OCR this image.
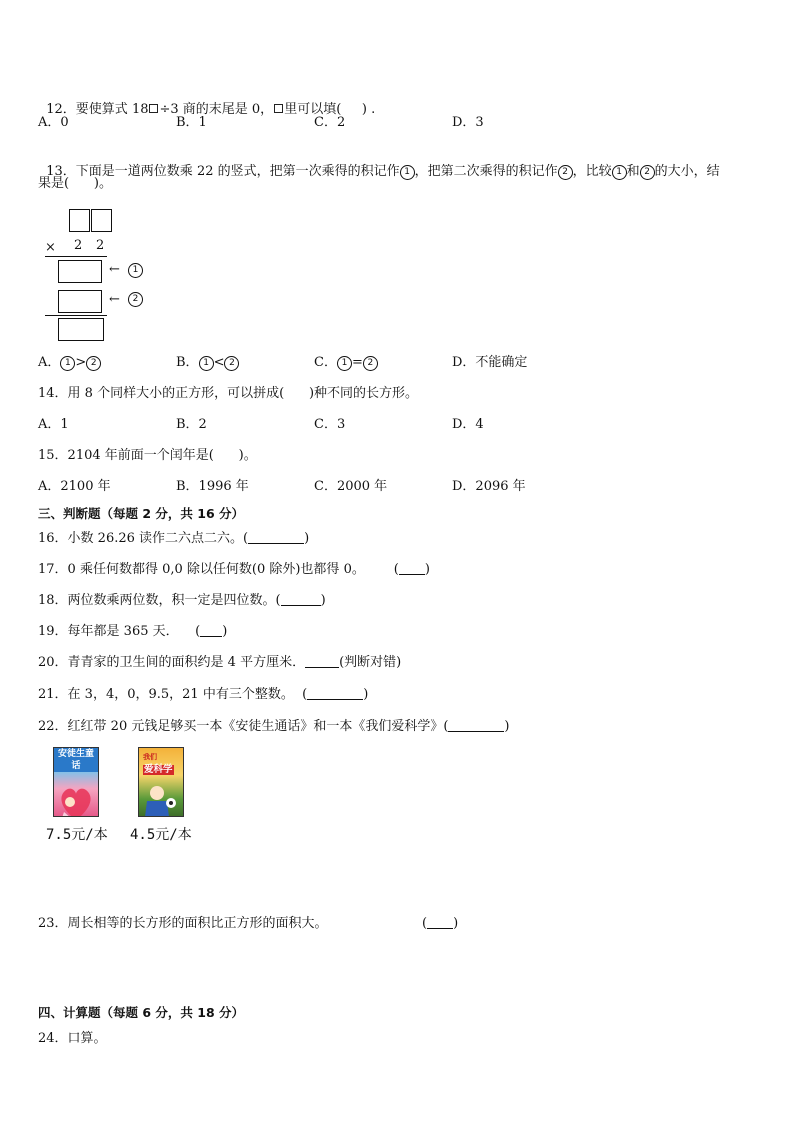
12．要使算式 18 ÷3 商的末尾是 0， 里可以填(     ) .

A．0	B．1	C．2	D．3

13．下面是一道两位数乘 22 的竖式，把第一次乘得的积记作 1 ，把第二次乘得的积记作 2 ，比较 1 和 2 的大小，结

果是(      )。
× 2 2
←	1
←	2
A． 1 > 2	B． 1 < 2	C． 1 = 2	D．不能确定
14．用 8 个同样大小的正方形，可以拼成(      )种不同的长方形。
A．1	B．2	C．3	D．4
15．2104 年前面一个闰年是(      )。
A．2100 年	B．1996 年	C．2000 年	D．2096 年
三、判断题（每题 2 分，共 16 分）
16．小数 26.26 读作二六点二六。(	)
17．0 乘任何数都得 0,0 除以任何数(0 除外)也都得 0。       ( )
18．两位数乘两位数，积一定是四位数。(	)
19．每年都是 365 天．    ( )
20．青青家的卫生间的面积约是 4 平方厘米．	(判断对错)
21．在 3，4，0，9.5，21 中有三个整数。  (	)
22．红红带 20 元钱足够买一本《安徒生通话》和一本《我们爱科学》(	)
安徒生童话
我们
爱科学
7.5元/本 4.5元/本
23．周长相等的长方形的面积比正方形的面积大。	( )
四、计算题（每题 6 分，共 18 分）
24．口算。
